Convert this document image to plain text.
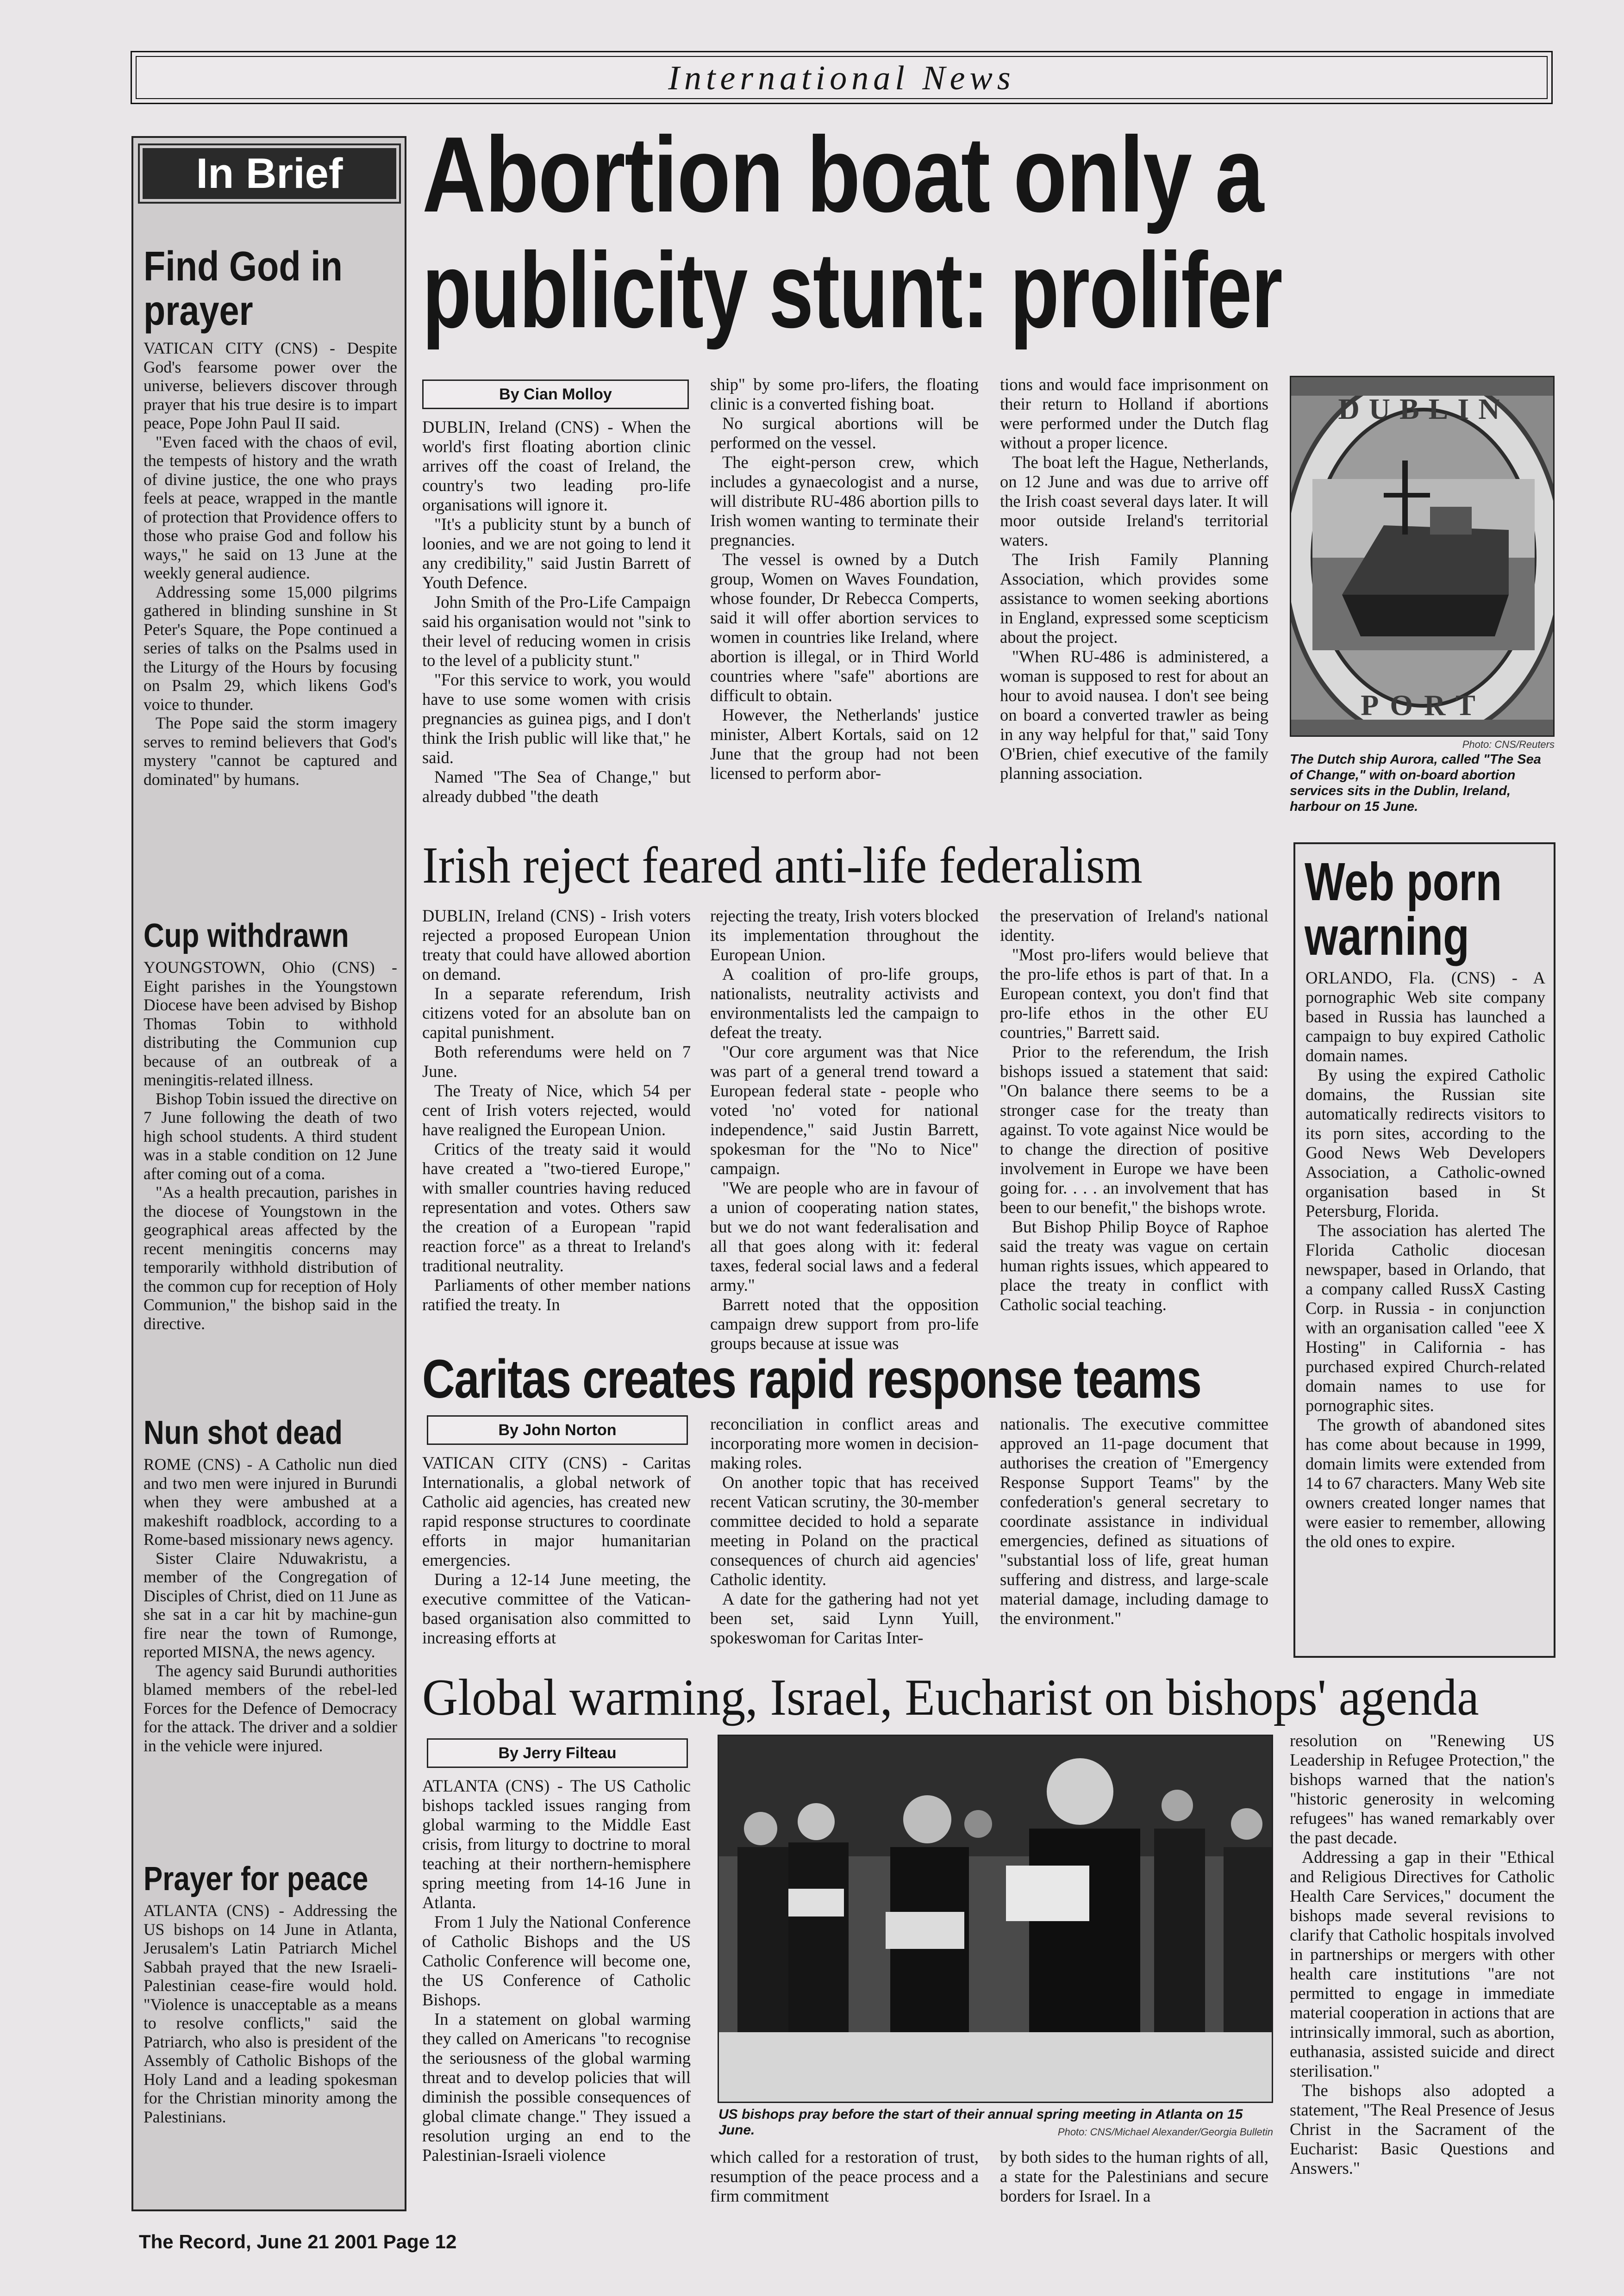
International News
In Brief
Find God in prayer

VATICAN CITY (CNS) - Despite God's fearsome power over the universe, believers discover through prayer that his true desire is to impart peace, Pope John Paul II said.

"Even faced with the chaos of evil, the tempests of history and the wrath of divine justice, the one who prays feels at peace, wrapped in the mantle of protection that Providence offers to those who praise God and follow his ways," he said on 13 June at the weekly general audience.

Addressing some 15,000 pilgrims gathered in blinding sunshine in St Peter's Square, the Pope continued a series of talks on the Psalms used in the Liturgy of the Hours by focusing on Psalm 29, which likens God's voice to thunder.

The Pope said the storm imagery serves to remind believers that God's mystery "cannot be captured and dominated" by humans.

Cup withdrawn

YOUNGSTOWN, Ohio (CNS) - Eight parishes in the Youngstown Diocese have been advised by Bishop Thomas Tobin to withhold distributing the Communion cup because of an outbreak of a meningitis-related illness.

Bishop Tobin issued the directive on 7 June following the death of two high school students. A third student was in a stable condition on 12 June after coming out of a coma.

"As a health precaution, parishes in the diocese of Youngstown in the geographical areas affected by the recent meningitis concerns may temporarily withhold distribution of the common cup for reception of Holy Communion," the bishop said in the directive.

Nun shot dead

ROME (CNS) - A Catholic nun died and two men were injured in Burundi when they were ambushed at a makeshift roadblock, according to a Rome-based missionary news agency.

Sister Claire Nduwakristu, a member of the Congregation of Disciples of Christ, died on 11 June as she sat in a car hit by machine-gun fire near the town of Rumonge, reported MISNA, the news agency.

The agency said Burundi authorities blamed members of the rebel-led Forces for the Defence of Democracy for the attack. The driver and a soldier in the vehicle were injured.

Prayer for peace

ATLANTA (CNS) - Addressing the US bishops on 14 June in Atlanta, Jerusalem's Latin Patriarch Michel Sabbah prayed that the new Israeli-Palestinian cease-fire would hold. "Violence is unacceptable as a means to resolve conflicts," said the Patriarch, who also is president of the Assembly of Catholic Bishops of the Holy Land and a leading spokesman for the Christian minority among the Palestinians.

Abortion boat only a
publicity stunt: prolifer
By Cian Molloy

DUBLIN, Ireland (CNS) - When the world's first floating abortion clinic arrives off the coast of Ireland, the country's two leading pro-life organisations will ignore it.

"It's a publicity stunt by a bunch of loonies, and we are not going to lend it any credibility," said Justin Barrett of Youth Defence.

John Smith of the Pro-Life Campaign said his organisation would not "sink to their level of reducing women in crisis to the level of a publicity stunt."

"For this service to work, you would have to use some women with crisis pregnancies as guinea pigs, and I don't think the Irish public will like that," he said.

Named "The Sea of Change," but already dubbed "the death

ship" by some pro-lifers, the floating clinic is a converted fishing boat.

No surgical abortions will be performed on the vessel.

The eight-person crew, which includes a gynaecologist and a nurse, will distribute RU-486 abortion pills to Irish women wanting to terminate their pregnancies.

The vessel is owned by a Dutch group, Women on Waves Foundation, whose founder, Dr Rebecca Comperts, said it will offer abortion services to women in countries like Ireland, where abortion is illegal, or in Third World countries where "safe" abortions are difficult to obtain.

However, the Netherlands' justice minister, Albert Kortals, said on 12 June that the group had not been licensed to perform abor-

tions and would face imprisonment on their return to Holland if abortions were performed under the Dutch flag without a proper licence.

The boat left the Hague, Netherlands, on 12 June and was due to arrive off the Irish coast several days later. It will moor outside Ireland's territorial waters.

The Irish Family Planning Association, which provides some assistance to women seeking abortions in England, expressed some scepticism about the project.

"When RU-486 is administered, a woman is supposed to rest for about an hour to avoid nausea. I don't see being on board a converted trawler as being in any way helpful for that," said Tony O'Brien, chief executive of the family planning association.

DUBLIN
PORT
Photo: CNS/Reuters
The Dutch ship Aurora, called "The Sea of Change," with on-board abortion services sits in the Dublin, Ireland, harbour on 15 June.
Irish reject feared anti-life federalism

DUBLIN, Ireland (CNS) - Irish voters rejected a proposed European Union treaty that could have allowed abortion on demand.

In a separate referendum, Irish citizens voted for an absolute ban on capital punishment.

Both referendums were held on 7 June.

The Treaty of Nice, which 54 per cent of Irish voters rejected, would have realigned the European Union.

Critics of the treaty said it would have created a "two-tiered Europe," with smaller countries having reduced representation and votes. Others saw the creation of a European "rapid reaction force" as a threat to Ireland's traditional neutrality.

Parliaments of other member nations ratified the treaty. In

rejecting the treaty, Irish voters blocked its implementation throughout the European Union.

A coalition of pro-life groups, nationalists, neutrality activists and environmentalists led the campaign to defeat the treaty.

"Our core argument was that Nice was part of a general trend toward a European federal state - people who voted 'no' voted for national independence," said Justin Barrett, spokesman for the "No to Nice" campaign.

"We are people who are in favour of a union of cooperating nation states, but we do not want federalisation and all that goes along with it: federal taxes, federal social laws and a federal army."

Barrett noted that the opposition campaign drew support from pro-life groups because at issue was

the preservation of Ireland's national identity.

"Most pro-lifers would believe that the pro-life ethos is part of that. In a European context, you don't find that pro-life ethos in the other EU countries," Barrett said.

Prior to the referendum, the Irish bishops issued a statement that said: "On balance there seems to be a stronger case for the treaty than against. To vote against Nice would be to change the direction of positive involvement in Europe we have been going for. . . . an involvement that has been to our benefit," the bishops wrote.

But Bishop Philip Boyce of Raphoe said the treaty was vague on certain human rights issues, which appeared to place the treaty in conflict with Catholic social teaching.

Caritas creates rapid response teams
By John Norton

VATICAN CITY (CNS) - Caritas Internationalis, a global network of Catholic aid agencies, has created new rapid response structures to coordinate efforts in major humanitarian emergencies.

During a 12-14 June meeting, the executive committee of the Vatican-based organisation also committed to increasing efforts at

reconciliation in conflict areas and incorporating more women in decision-making roles.

On another topic that has received recent Vatican scrutiny, the 30-member committee decided to hold a separate meeting in Poland on the practical consequences of church aid agencies' Catholic identity.

A date for the gathering had not yet been set, said Lynn Yuill, spokeswoman for Caritas Inter-

nationalis. The executive committee approved an 11-page document that authorises the creation of "Emergency Response Support Teams" by the confederation's general secretary to coordinate assistance in individual emergencies, defined as situations of "substantial loss of life, great human suffering and distress, and large-scale material damage, including damage to the environment."

Web porn warning

ORLANDO, Fla. (CNS) - A pornographic Web site company based in Russia has launched a campaign to buy expired Catholic domain names.

By using the expired Catholic domains, the Russian site automatically redirects visitors to its porn sites, according to the Good News Web Developers Association, a Catholic-owned organisation based in St Petersburg, Florida.

The association has alerted The Florida Catholic diocesan newspaper, based in Orlando, that a company called RussX Casting Corp. in Russia - in conjunction with an organisation called "eee X Hosting" in California - has purchased expired Church-related domain names to use for pornographic sites.

The growth of abandoned sites has come about because in 1999, domain limits were extended from 14 to 67 characters. Many Web site owners created longer names that were easier to remember, allowing the old ones to expire.

Global warming, Israel, Eucharist on bishops' agenda
By Jerry Filteau

ATLANTA (CNS) - The US Catholic bishops tackled issues ranging from global warming to the Middle East crisis, from liturgy to doctrine to moral teaching at their northern-hemisphere spring meeting from 14-16 June in Atlanta.

From 1 July the National Conference of Catholic Bishops and the US Catholic Conference will become one, the US Conference of Catholic Bishops.

In a statement on global warming they called on Americans "to recognise the seriousness of the global warming threat and to develop policies that will diminish the possible consequences of global climate change." They issued a resolution urging an end to the Palestinian-Israeli violence

US bishops pray before the start of their annual spring meeting in Atlanta on 15 June.	Photo: CNS/Michael Alexander/Georgia Bulletin

which called for a restoration of trust, resumption of the peace process and a firm commitment

by both sides to the human rights of all, a state for the Palestinians and secure borders for Israel. In a

resolution on "Renewing US Leadership in Refugee Protection," the bishops warned that the nation's "historic generosity in welcoming refugees" has waned remarkably over the past decade.

Addressing a gap in their "Ethical and Religious Directives for Catholic Health Care Services," document the bishops made several revisions to clarify that Catholic hospitals involved in partnerships or mergers with other health care institutions "are not permitted to engage in immediate material cooperation in actions that are intrinsically immoral, such as abortion, euthanasia, assisted suicide and direct sterilisation."

The bishops also adopted a statement, "The Real Presence of Jesus Christ in the Sacrament of the Eucharist: Basic Questions and Answers."

The Record, June 21 2001 Page 12
